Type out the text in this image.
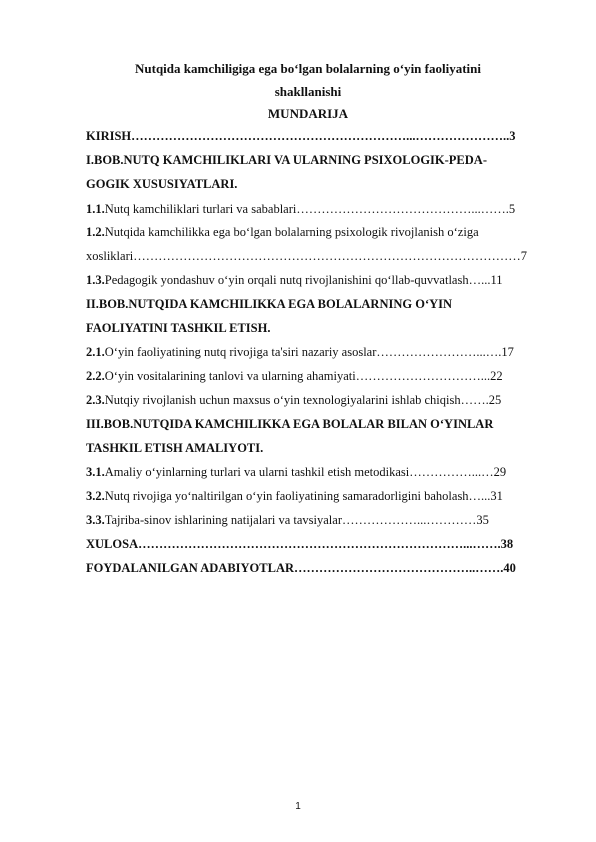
Nutqida kamchiligiga ega bo‘lgan bolalarning o‘yin faoliyatini
shakllanishi
MUNDARIJA
KIRISH…………………………………………………………...…………………..3
I.BOB.NUTQ KAMCHILIKLARI VA ULARNING PSIXOLOGIK-PEDA-
GOGIK XUSUSIYATLARI.
1.1.Nutq kamchiliklari turlari va sabablari……………………………………...…….5
1.2.Nutqida kamchilikka ega bo‘lgan bolalarning psixologik rivojlanish o‘ziga
xosliklari…………………………………………………………………………………7
1.3.Pedagogik yondashuv o‘yin orqali nutq rivojlanishini qo‘llab-quvvatlash…...11
II.BOB.NUTQIDA KAMCHILIKKA EGA BOLALARNING O‘YIN
FAOLIYATINI TASHKIL ETISH.
2.1.O‘yin faoliyatining nutq rivojiga ta'siri nazariy asoslar……………………...….17
2.2.O‘yin vositalarining tanlovi va ularning ahamiyati…………………………...22
2.3.Nutqiy rivojlanish uchun maxsus o‘yin texnologiyalarini ishlab chiqish…….25
III.BOB.NUTQIDA KAMCHILIKKA EGA BOLALAR BILAN O‘YINLAR
TASHKIL ETISH AMALIYOTI.
3.1.Amaliy o‘yinlarning turlari va ularni tashkil etish metodikasi……………...…29
3.2.Nutq rivojiga yo‘naltirilgan o‘yin faoliyatining samaradorligini baholash…...31
3.3.Tajriba-sinov ishlarining natijalari va tavsiyalar………………...…………35
XULOSA……………………………………………………………………...…….38
FOYDALANILGAN ADABIYOTLAR……………………………………..…….40
1
